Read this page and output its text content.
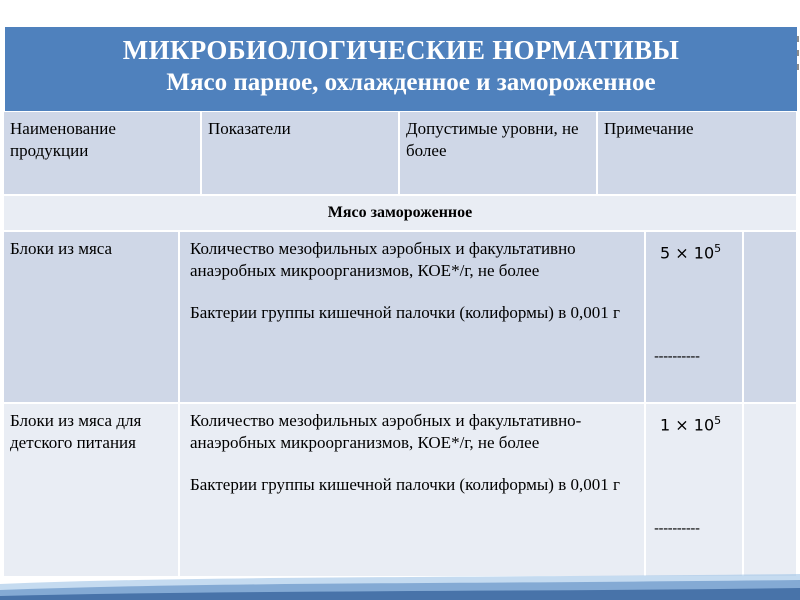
МИКРОБИОЛОГИЧЕСКИЕ НОРМАТИВЫ
Мясо парное, охлажденное и замороженное
Наименование продукции
Показатели	Допустимые уровни, не более
Примечание
Мясо замороженное
Блоки из мяса	Количество мезофильных аэробных и факультативно анаэробных микроорганизмов, КОЕ*/г, не более
Бактерии группы кишечной палочки (колиформы) в 0,001 г
$5 \times 10^5$
----------
Блоки из мяса для детского питания
Количество мезофильных аэробных и факультативно-анаэробных микроорганизмов, КОЕ*/г, не более
Бактерии группы кишечной палочки (колиформы) в 0,001 г
$1 \times 10^5$
----------
